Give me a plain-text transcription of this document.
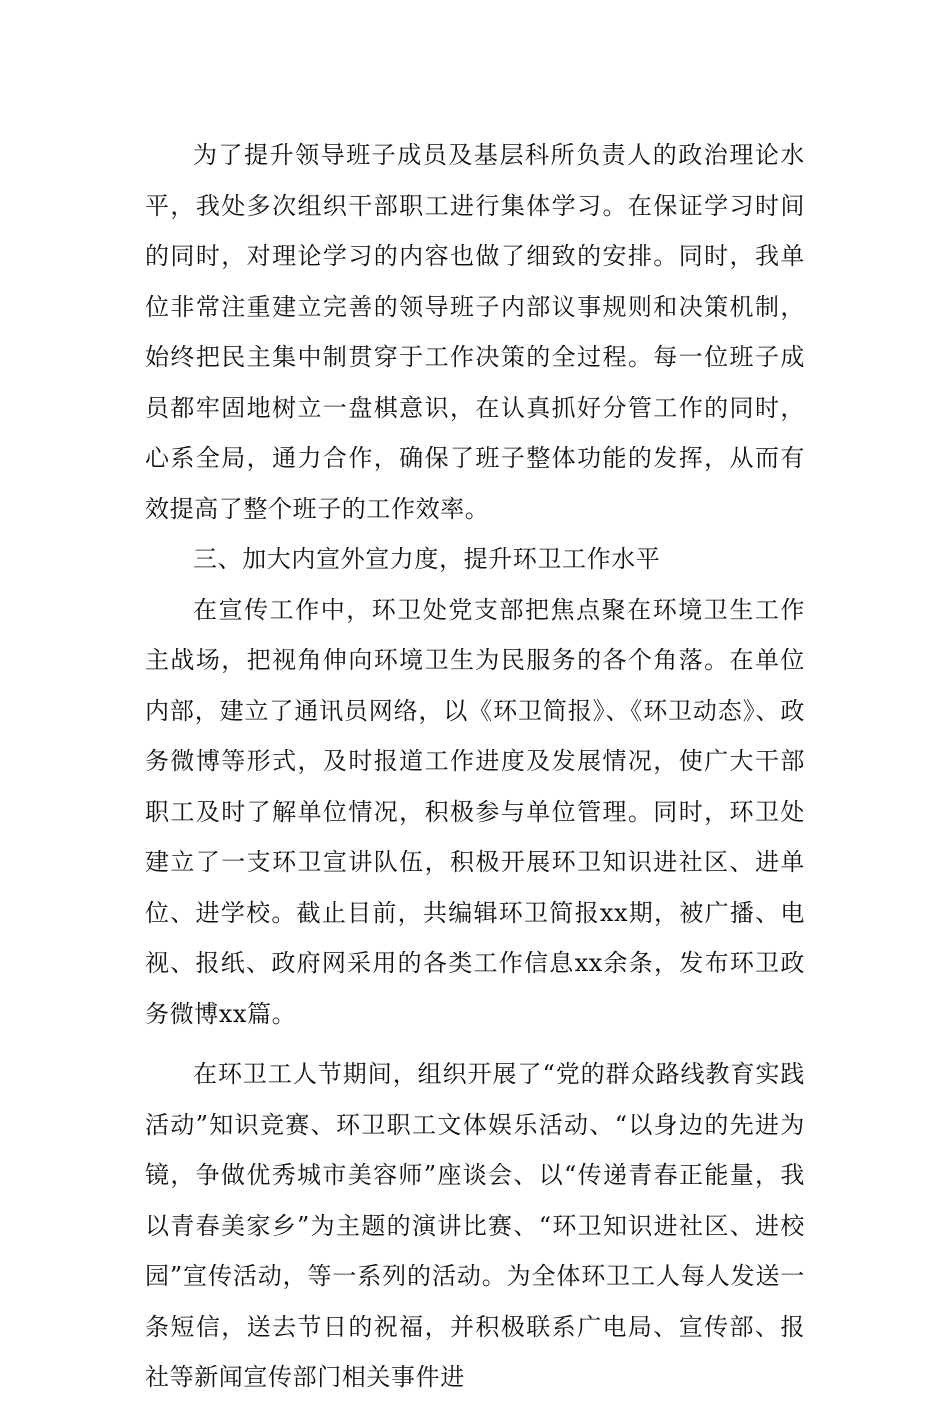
为了提升领导班子成员及基层科所负责人的政治理论水平，我处多次组织干部职工进行集体学习。在保证学习时间的同时，对理论学习的内容也做了细致的安排。同时，我单位非常注重建立完善的领导班子内部议事规则和决策机制，始终把民主集中制贯穿于工作决策的全过程。每一位班子成员都牢固地树立一盘棋意识，在认真抓好分管工作的同时，心系全局，通力合作，确保了班子整体功能的发挥，从而有效提高了整个班子的工作效率。

三、加大内宣外宣力度，提升环卫工作水平

在宣传工作中，环卫处党支部把焦点聚在环境卫生工作主战场，把视角伸向环境卫生为民服务的各个角落。在单位内部，建立了通讯员网络，以《环卫简报》、《环卫动态》、政务微博等形式，及时报道工作进度及发展情况，使广大干部职工及时了解单位情况，积极参与单位管理。同时，环卫处建立了一支环卫宣讲队伍，积极开展环卫知识进社区、进单位、进学校。截止目前，共编辑环卫简报xx期，被广播、电视、报纸、政府网采用的各类工作信息xx余条，发布环卫政务微博xx篇。

在环卫工人节期间，组织开展了“党的群众路线教育实践活动”知识竞赛、环卫职工文体娱乐活动、“以身边的先进为镜，争做优秀城市美容师”座谈会、以“传递青春正能量，我以青春美家乡”为主题的演讲比赛、“环卫知识进社区、进校园”宣传活动，等一系列的活动。为全体环卫工人每人发送一条短信，送去节日的祝福，并积极联系广电局、宣传部、报社等新闻宣传部门相关事件进
